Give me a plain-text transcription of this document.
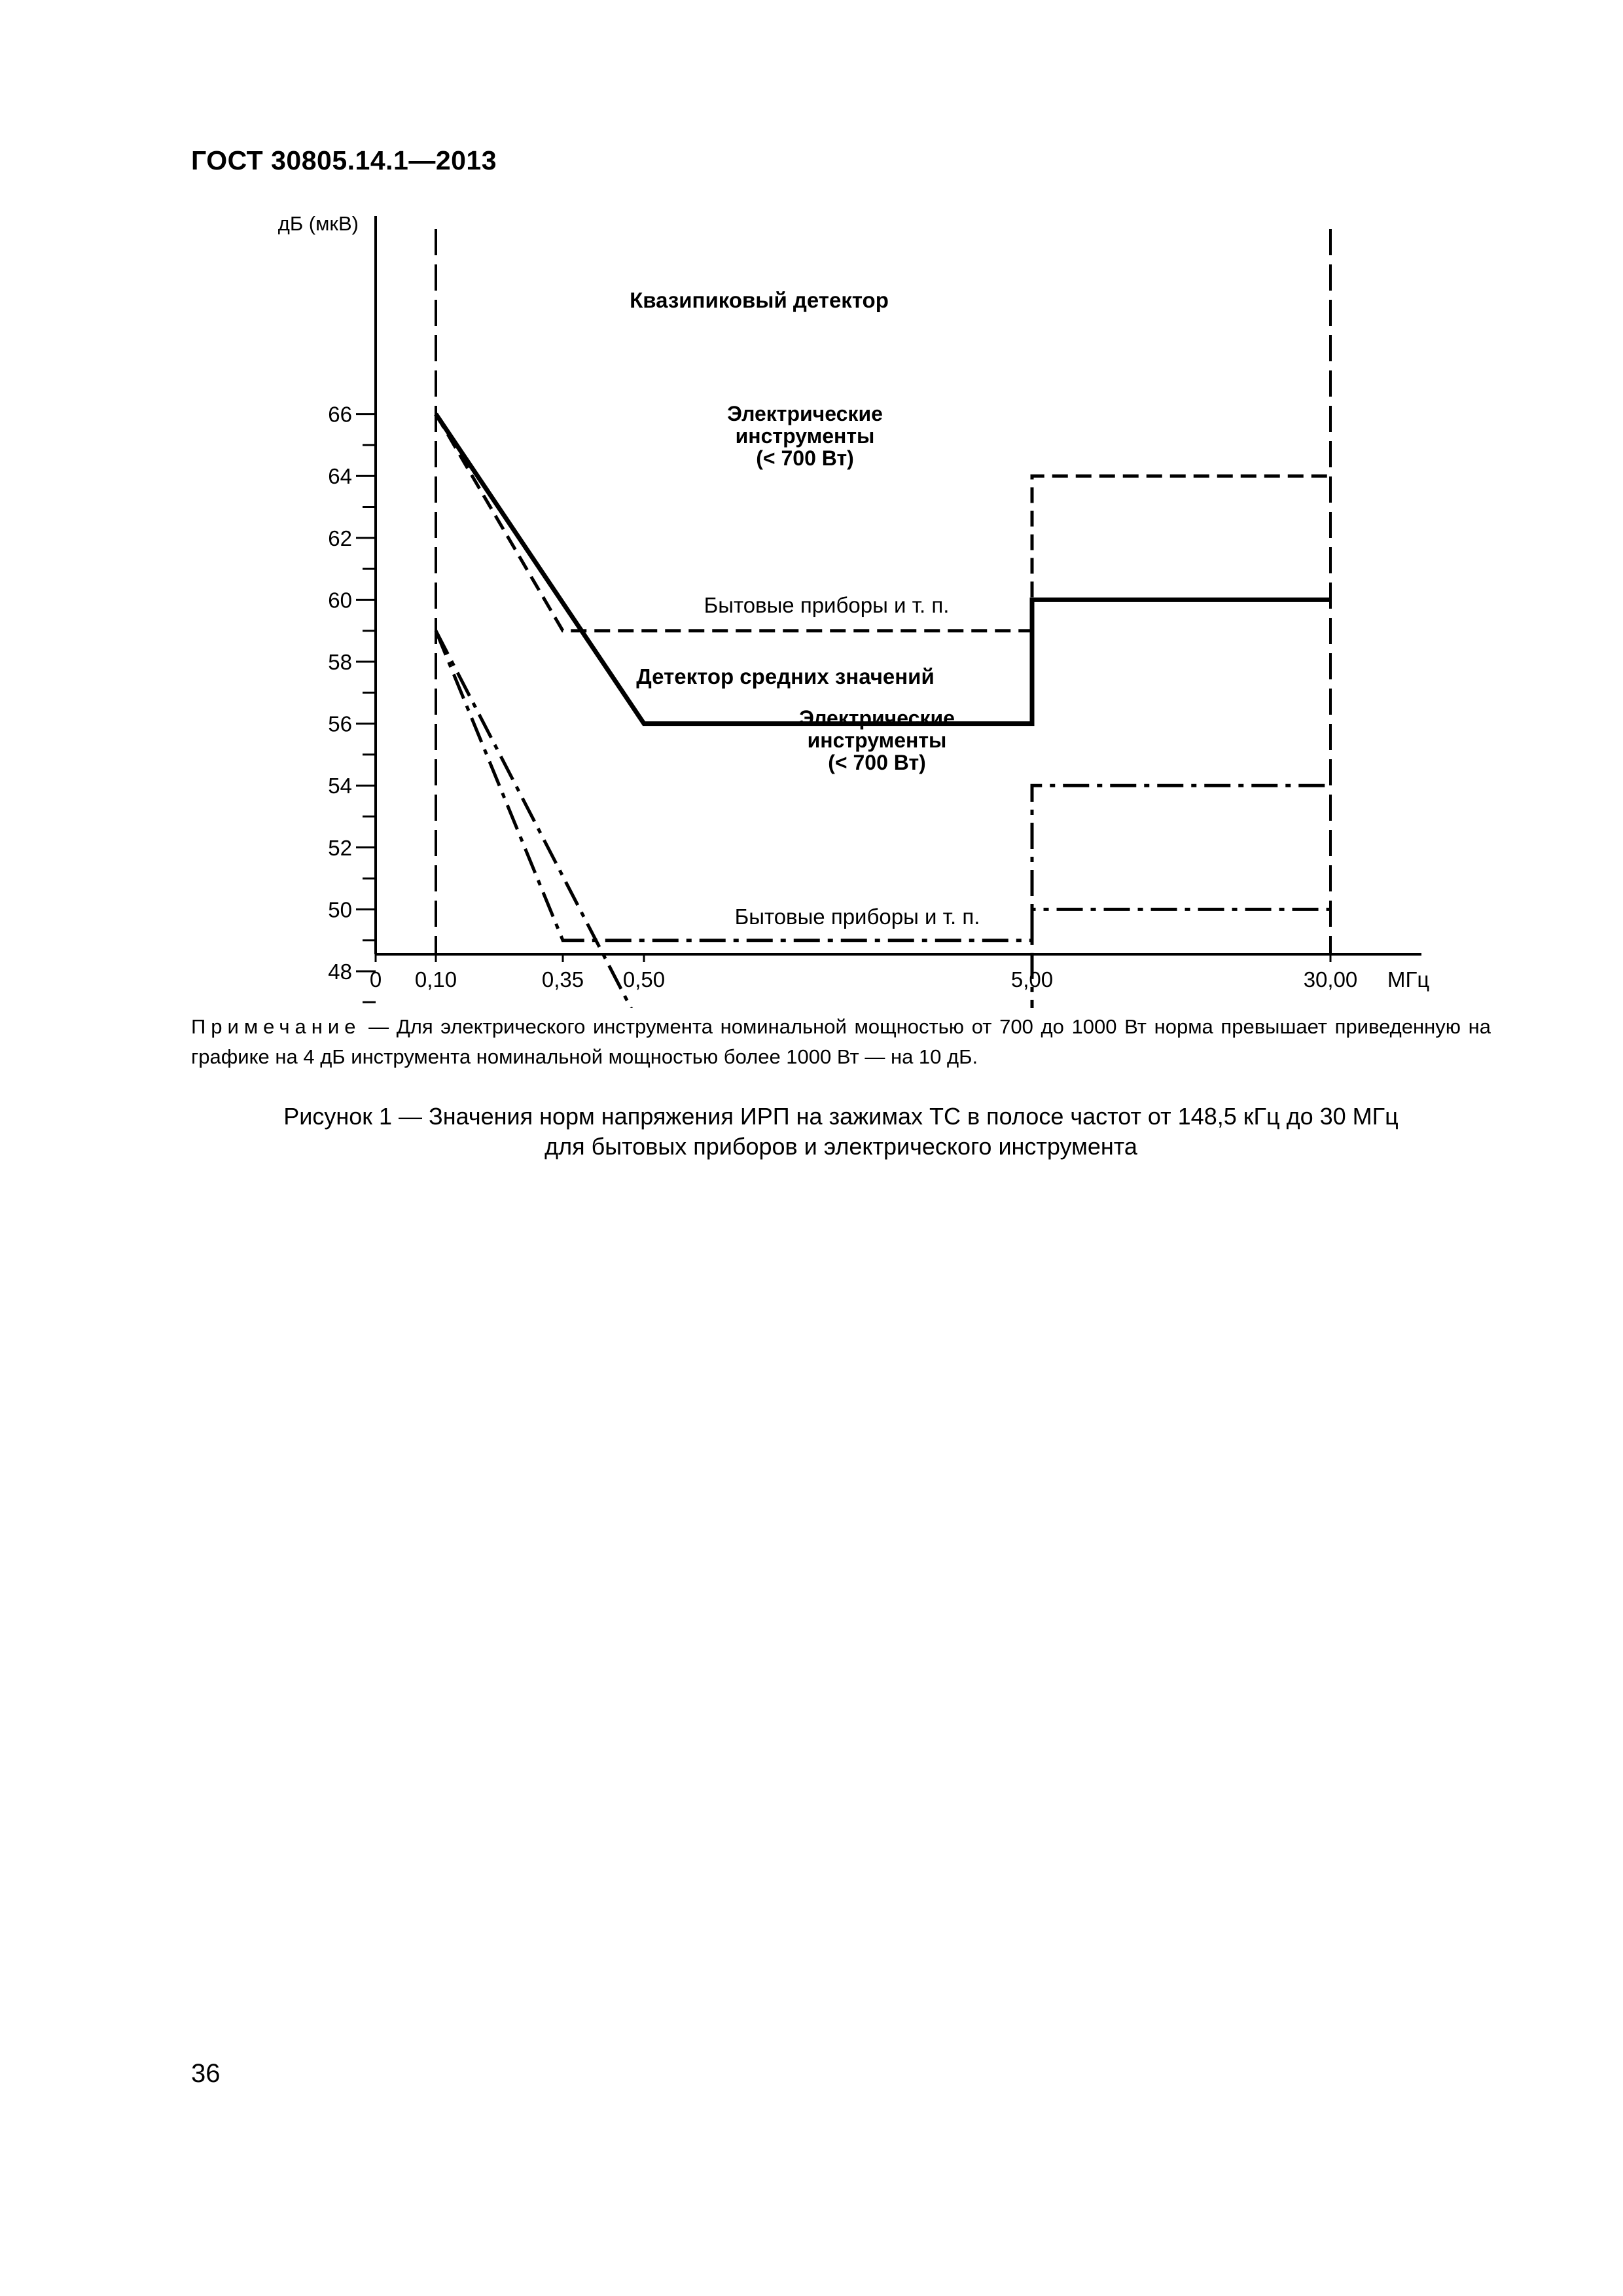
ГОСТ 30805.14.1—2013
48
50
52
54
56
58
60
62
64
66
дБ (мкВ)
0 0,10	0,35 0,50	5,00	30,00 МГц
Квазипиковый детектор
Электрические
инструменты
(< 700 Вт)
Бытовые приборы и т. п.
Детектор средних значений
Электрические
инструменты
(< 700 Вт)
Бытовые приборы и т. п.
Примечание — Для электрического инструмента номинальной мощностью от 700 до 1000 Вт норма превышает приведенную на графике на 4 дБ инструмента номинальной мощностью более 1000 Вт — на 10 дБ.
Рисунок 1 — Значения норм напряжения ИРП на зажимах ТС в полосе частот от 148,5 кГц до 30 МГц
для бытовых приборов и электрического инструмента
36
